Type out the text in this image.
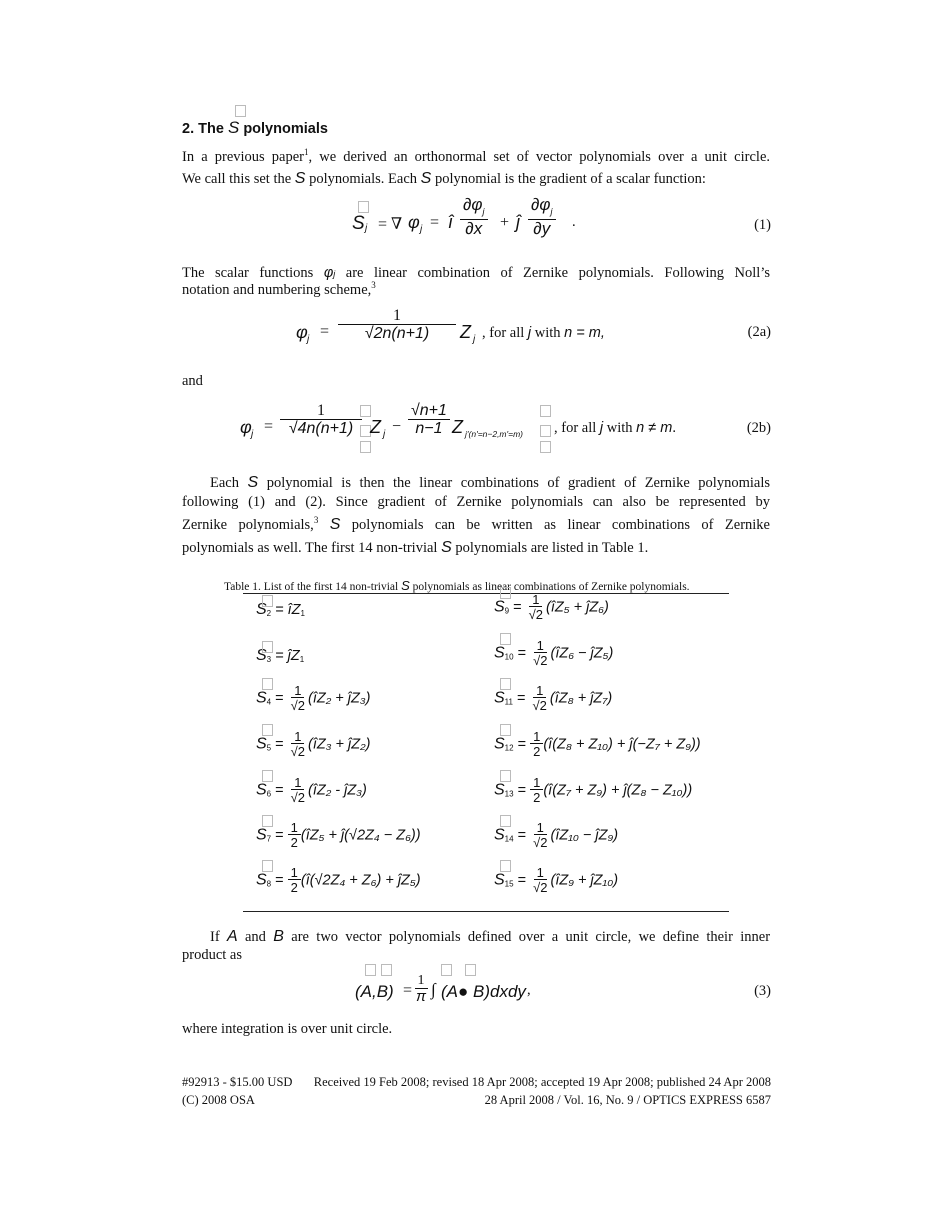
2. The S polynomials
In a previous paper$^1$, we derived an orthonormal set of vector polynomials over a unit circle.
We call this set the S polynomials. Each S polynomial is the gradient of a scalar function:
S j = ∇ φ j = î $\frac{\partial\varphi_j}{\partial x}$ + ĵ $\frac{\partial\varphi_j}{\partial y}$ .	(1)
The scalar functions φj are linear combination of Zernike polynomials. Following Noll’s
notation and numbering scheme,$^3$
φ $j = \frac{1}{√2n(n+1)}$ Z j , for all j with n = m,	(2a)
and
φ $j = \frac{1}{√4n(n+1)}$ Z $j - \frac{√n+1}{n-1}$ Z j'(n'=n−2,m'=m) , for all j with n ≠ m.	(2b)
Each S polynomial is then the linear combinations of gradient of Zernike polynomials
following (1) and (2). Since gradient of Zernike polynomials can also be represented by
Zernike polynomials,$^3$ S polynomials can be written as linear combinations of Zernike
polynomials as well. The first 14 non-trivial S polynomials are listed in Table 1.
Table 1. List of the first 14 non-trivial S polynomials as linear combinations of Zernike polynomials.
$S_2$ = $îZ_1$
$S_3$ = $ĵZ_1$
$S_4 = \frac{1}{√2}$ (îZ₂ + ĵZ₃)
$S_5 = \frac{1}{√2}$ (îZ₃ + ĵZ₂)
$S_6 = \frac{1}{√2}$ (îZ₂ - ĵZ₃)
$S_7 = \frac{1}{2}$ (îZ₅ + ĵ(√2Z₄ − Z₆))
$S_8 = \frac{1}{2}$ (î(√2Z₄ + Z₆) + ĵZ₅)
$S_9 = \frac{1}{√2}$ (îZ₅ + ĵZ₆)
$S_{10} = \frac{1}{√2}$ (îZ₆ − ĵZ₅)
$S_{11} = \frac{1}{√2}$ (îZ₈ + ĵZ₇)
$S_{12} = \frac{1}{2}$ (î(Z₈ + Z₁₀) + ĵ(−Z₇ + Z₉))
$S_{13} = \frac{1}{2}$ (î(Z₇ + Z₉) + ĵ(Z₈ − Z₁₀))
$S_{14} = \frac{1}{√2}$ (îZ₁₀ − ĵZ₉)
$S_{15} = \frac{1}{√2}$ (îZ₉ + ĵZ₁₀)
If A and B are two vector polynomials defined over a unit circle, we define their inner
product as
$(A,B) = \frac{1}{\pi}$ ∫ (A● B)dxdy ,	(3)
where integration is over unit circle.
#92913 - $15.00 USD Received 19 Feb 2008; revised 18 Apr 2008; accepted 19 Apr 2008; published 24 Apr 2008
(C) 2008 OSA	28 April 2008 / Vol. 16, No. 9 / OPTICS EXPRESS 6587
